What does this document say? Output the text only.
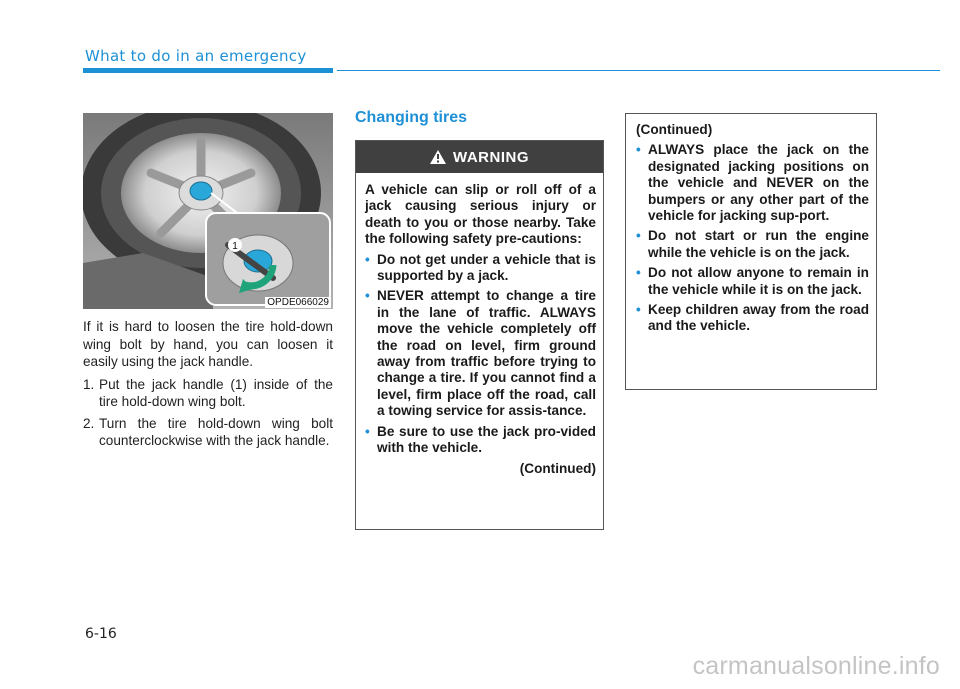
What to do in an emergency
1
OPDE066029

If it is hard to loosen the tire hold-down wing bolt by hand, you can loosen it easily using the jack handle.

1. Put the jack handle (1) inside of the tire hold-down wing bolt.
2. Turn the tire hold-down wing bolt counterclockwise with the jack handle.
Changing tires
WARNING

A vehicle can slip or roll off of a jack causing serious injury or death to you or those nearby. Take the following safety pre-cautions:

• Do not get under a vehicle that is supported by a jack.
• NEVER attempt to change a tire in the lane of traffic. ALWAYS move the vehicle completely off the road on level, firm ground away from traffic before trying to change a tire. If you cannot find a level, firm place off the road, call a towing service for assis-tance.
• Be sure to use the jack pro-vided with the vehicle.
(Continued)

(Continued)

• ALWAYS place the jack on the designated jacking positions on the vehicle and NEVER on the bumpers or any other part of the vehicle for jacking sup-port.
• Do not start or run the engine while the vehicle is on the jack.
• Do not allow anyone to remain in the vehicle while it is on the jack.
• Keep children away from the road and the vehicle.
6-16
carmanualsonline.info
